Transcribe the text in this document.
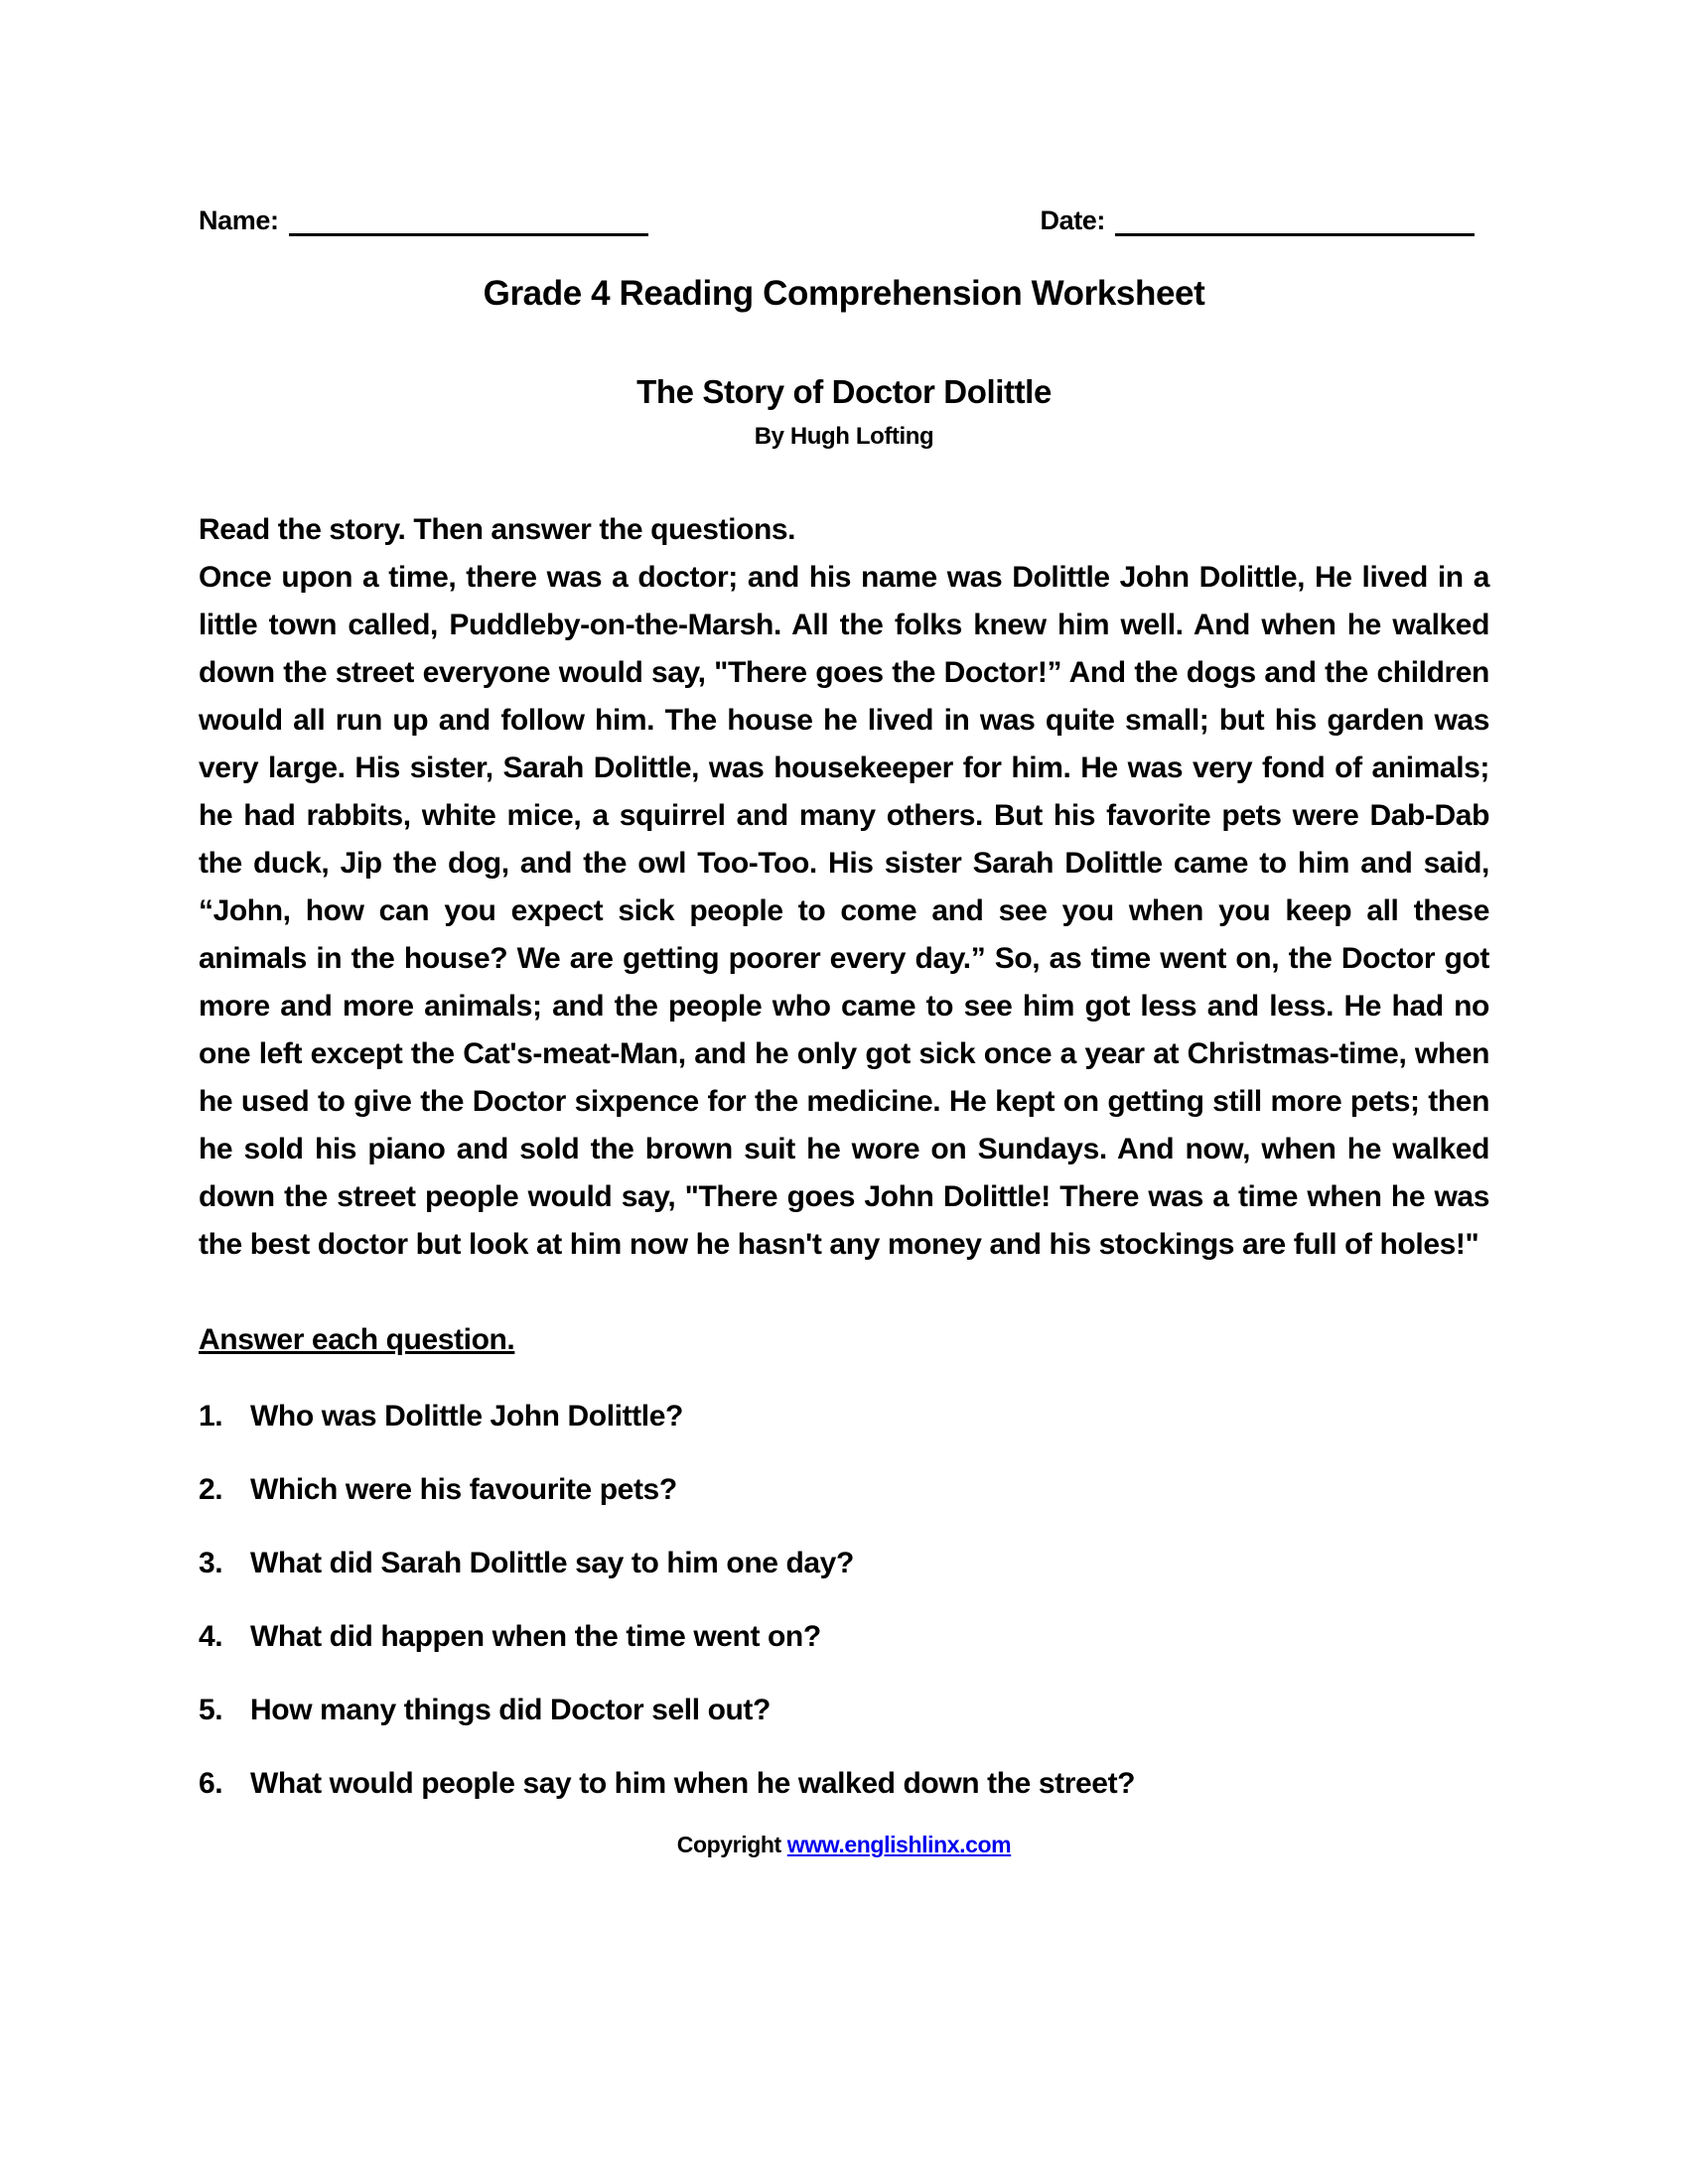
Name:	Date:
Grade 4 Reading Comprehension Worksheet
The Story of Doctor Dolittle
By Hugh Lofting

Read the story. Then answer the questions.

Once upon a time, there was a doctor; and his name was Dolittle John Dolittle, He lived in a little town called, Puddleby-on-the-Marsh. All the folks knew him well. And when he walked down the street everyone would say, "There goes the Doctor!” And the dogs and the children would all run up and follow him. The house he lived in was quite small; but his garden was very large. His sister, Sarah Dolittle, was housekeeper for him. He was very fond of animals; he had rabbits, white mice, a squirrel and many others. But his favorite pets were Dab-Dab the duck, Jip the dog, and the owl Too-Too. His sister Sarah Dolittle came to him and said, “John, how can you expect sick people to come and see you when you keep all these animals in the house? We are getting poorer every day.” So, as time went on, the Doctor got more and more animals; and the people who came to see him got less and less. He had no one left except the Cat's-meat-Man, and he only got sick once a year at Christmas-time, when he used to give the Doctor sixpence for the medicine. He kept on getting still more pets; then he sold his piano and sold the brown suit he wore on Sundays. And now, when he walked down the street people would say, "There goes John Dolittle! There was a time when he was the best doctor but look at him now he hasn't any money and his stockings are full of holes!"

Answer each question.

1. Who was Dolittle John Dolittle?
2. Which were his favourite pets?
3. What did Sarah Dolittle say to him one day?
4. What did happen when the time went on?
5. How many things did Doctor sell out?
6. What would people say to him when he walked down the street?
Copyright www.englishlinx.com
